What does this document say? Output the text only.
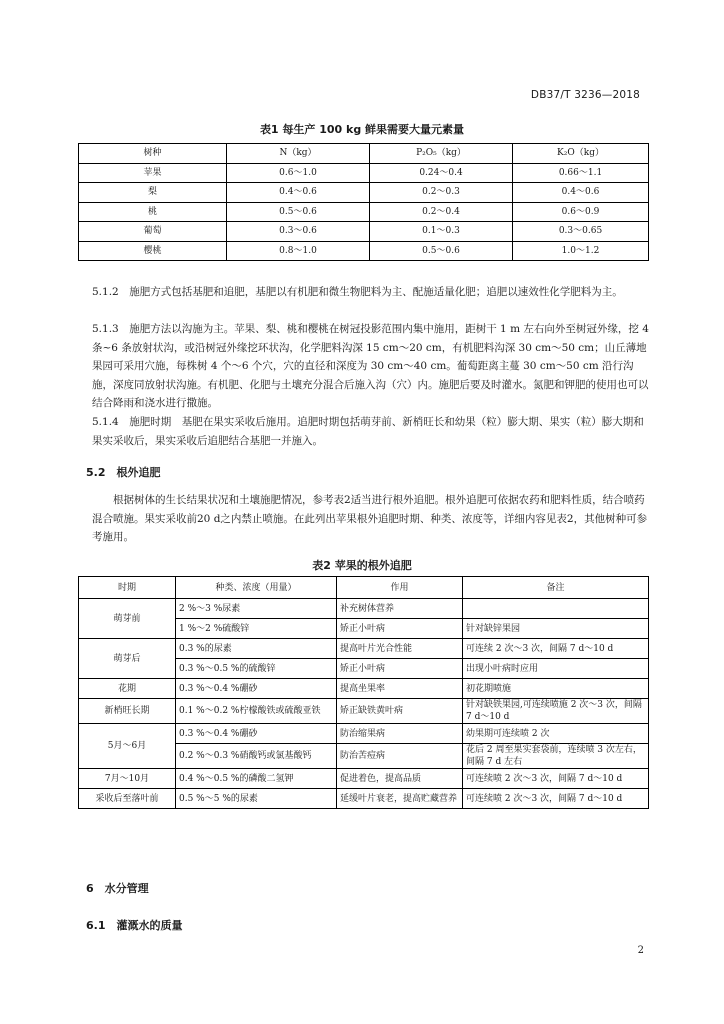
DB37/T 3236—2018
表1 每生产 100 kg 鲜果需要大量元素量
树种	N（kg）	P₂O₅（kg）	K₂O（kg）
苹果	0.6～1.0	0.24～0.4	0.66～1.1
梨	0.4～0.6	0.2～0.3	0.4～0.6
桃	0.5～0.6	0.2～0.4	0.6～0.9
葡萄	0.3～0.6	0.1～0.3	0.3～0.65
樱桃	0.8～1.0	0.5～0.6	1.0～1.2
5.1.2　施肥方式包括基肥和追肥，基肥以有机肥和微生物肥料为主、配施适量化肥；追肥以速效性化学肥料为主。
5.1.3　施肥方法以沟施为主。苹果、梨、桃和樱桃在树冠投影范围内集中施用，距树干 1 m 左右向外至树冠外缘，挖 4 条~6 条放射状沟，或沿树冠外缘挖环状沟，化学肥料沟深 15 cm～20 cm，有机肥料沟深 30 cm～50 cm；山丘薄地果园可采用穴施，每株树 4 个～6 个穴，穴的直径和深度为 30 cm～40 cm。葡萄距离主蔓 30 cm～50 cm 沿行沟施，深度同放射状沟施。有机肥、化肥与土壤充分混合后施入沟（穴）内。施肥后要及时灌水。氮肥和钾肥的使用也可以结合降雨和浇水进行撒施。
5.1.4　施肥时期　基肥在果实采收后施用。追肥时期包括萌芽前、新梢旺长和幼果（粒）膨大期、果实（粒）膨大期和果实采收后，果实采收后追肥结合基肥一并施入。
5.2　根外追肥
根据树体的生长结果状况和土壤施肥情况，参考表2适当进行根外追肥。根外追肥可依据农药和肥料性质，结合喷药混合喷施。果实采收前20 d之内禁止喷施。在此列出苹果根外追肥时期、种类、浓度等，详细内容见表2，其他树种可参考施用。
表2 苹果的根外追肥
时期	种类、浓度（用量）	作用	备注
萌芽前	2 %～3 %尿素	补充树体营养	
	1 %～2 %硫酸锌	矫正小叶病	针对缺锌果园
萌芽后	0.3 %的尿素	提高叶片光合性能	可连续 2 次～3 次，间隔 7 d～10 d
	0.3 %～0.5 %的硫酸锌	矫正小叶病	出现小叶病时应用
花期	0.3 %～0.4 %硼砂	提高坐果率	初花期喷施
新梢旺长期	0.1 %～0.2 %柠檬酸铁或硫酸亚铁	矫正缺铁黄叶病	针对缺铁果园,可连续喷施 2 次～3 次，间隔 7 d～10 d
5月～6月	0.3 %～0.4 %硼砂	防治缩果病	幼果期可连续喷 2 次
	0.2 %～0.3 %硝酸钙或氯基酸钙	防治苦痘病	花后 2 周至果实套袋前，连续喷 3 次左右，间隔 7 d 左右
7月～10月	0.4 %～0.5 %的磷酸二氢钾	促进着色，提高品质	可连续喷 2 次～3 次，间隔 7 d～10 d
采收后至落叶前	0.5 %～5 %的尿素	延缓叶片衰老，提高贮藏营养	可连续喷 2 次～3 次，间隔 7 d～10 d
6　水分管理
6.1　灌溉水的质量
2
